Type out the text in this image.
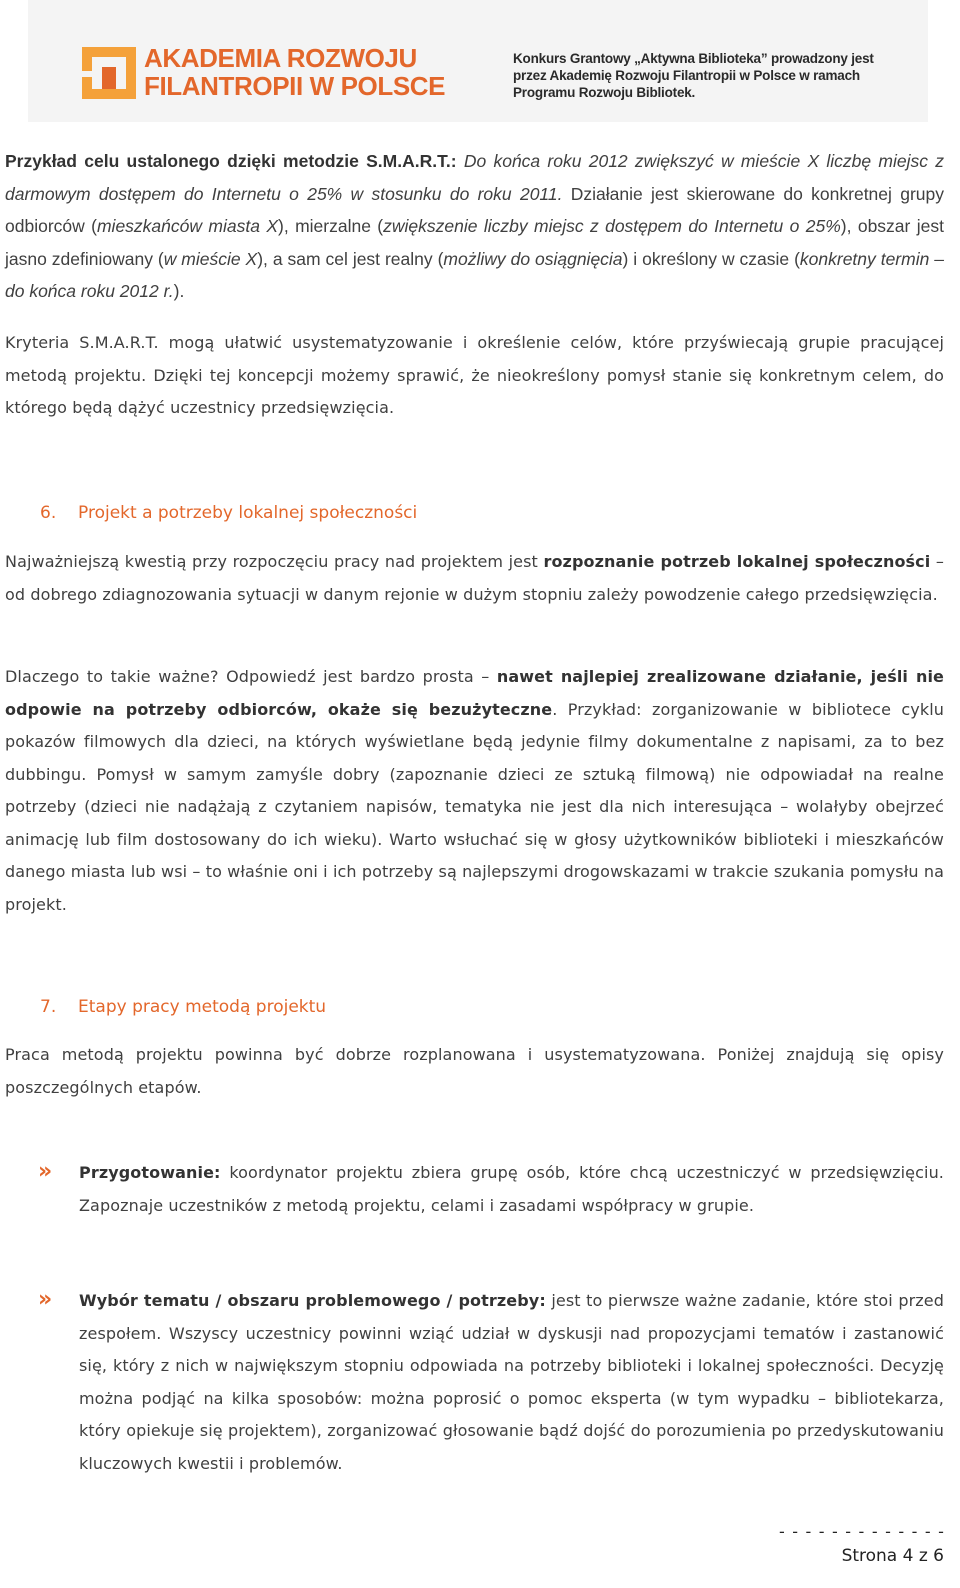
AKADEMIA ROZWOJU
FILANTROPII W POLSCE
Konkurs Grantowy „Aktywna Biblioteka” prowadzony jest
przez Akademię Rozwoju Filantropii w Polsce w ramach
Programu Rozwoju Bibliotek.
Przykład celu ustalonego dzięki metodzie S.M.A.R.T.: Do końca roku 2012 zwiększyć w mieście X liczbę miejsc z darmowym dostępem do Internetu o 25% w stosunku do roku 2011. Działanie jest skierowane do konkretnej grupy odbiorców (mieszkańców miasta X), mierzalne (zwiększenie liczby miejsc z dostępem do Internetu o 25%), obszar jest jasno zdefiniowany (w mieście X), a sam cel jest realny (możliwy do osiągnięcia) i określony w czasie (konkretny termin – do końca roku 2012 r.).
Kryteria S.M.A.R.T. mogą ułatwić usystematyzowanie i określenie celów, które przyświecają grupie pracującej metodą projektu. Dzięki tej koncepcji możemy sprawić, że nieokreślony pomysł stanie się konkretnym celem, do którego będą dążyć uczestnicy przedsięwzięcia.
6. Projekt a potrzeby lokalnej społeczności
Najważniejszą kwestią przy rozpoczęciu pracy nad projektem jest rozpoznanie potrzeb lokalnej społeczności – od dobrego zdiagnozowania sytuacji w danym rejonie w dużym stopniu zależy powodzenie całego przedsięwzięcia.
Dlaczego to takie ważne? Odpowiedź jest bardzo prosta – nawet najlepiej zrealizowane działanie, jeśli nie odpowie na potrzeby odbiorców, okaże się bezużyteczne. Przykład: zorganizowanie w bibliotece cyklu pokazów filmowych dla dzieci, na których wyświetlane będą jedynie filmy dokumentalne z napisami, za to bez dubbingu. Pomysł w samym zamyśle dobry (zapoznanie dzieci ze sztuką filmową) nie odpowiadał na realne potrzeby (dzieci nie nadążają z czytaniem napisów, tematyka nie jest dla nich interesująca – wolałyby obejrzeć animację lub film dostosowany do ich wieku). Warto wsłuchać się w głosy użytkowników biblioteki i mieszkańców danego miasta lub wsi – to właśnie oni i ich potrzeby są najlepszymi drogowskazami w trakcie szukania pomysłu na projekt.
7. Etapy pracy metodą projektu
Praca metodą projektu powinna być dobrze rozplanowana i usystematyzowana. Poniżej znajdują się opisy poszczególnych etapów.
» Przygotowanie: koordynator projektu zbiera grupę osób, które chcą uczestniczyć w przedsięwzięciu. Zapoznaje uczestników z metodą projektu, celami i zasadami współpracy w grupie.
» Wybór tematu / obszaru problemowego / potrzeby: jest to pierwsze ważne zadanie, które stoi przed zespołem. Wszyscy uczestnicy powinni wziąć udział w dyskusji nad propozycjami tematów i zastanowić się, który z nich w największym stopniu odpowiada na potrzeby biblioteki i lokalnej społeczności. Decyzję można podjąć na kilka sposobów: można poprosić o pomoc eksperta (w tym wypadku – bibliotekarza, który opiekuje się projektem), zorganizować głosowanie bądź dojść do porozumienia po przedyskutowaniu kluczowych kwestii i problemów.
- - - - - - - - - - - - -
Strona 4 z 6
